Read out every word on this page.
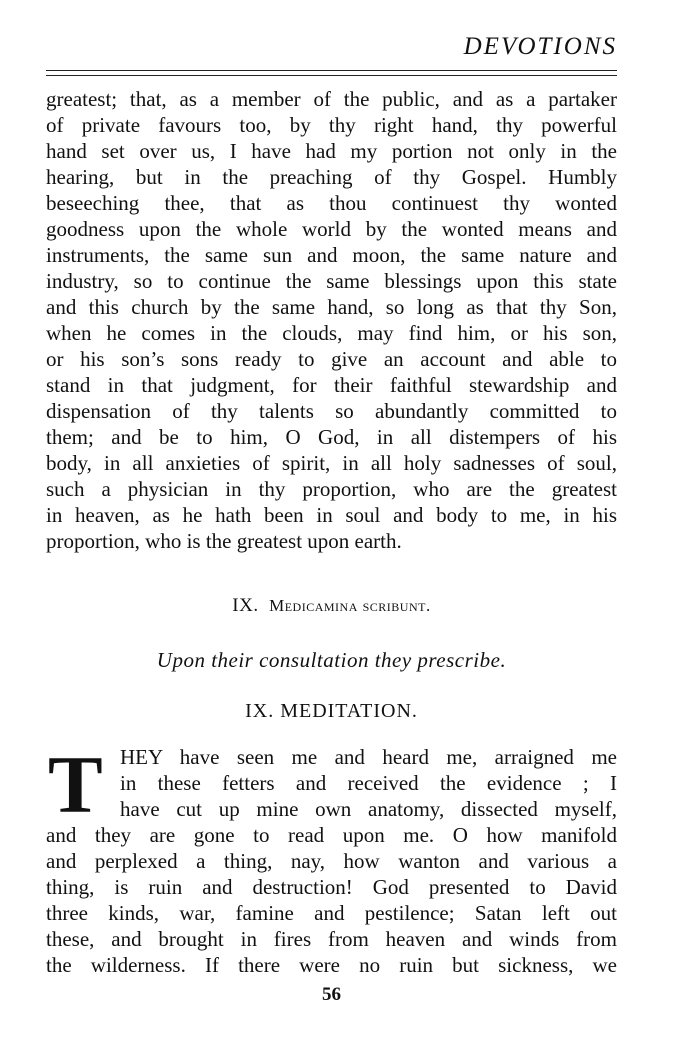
DEVOTIONS
greatest; that, as a member of the public, and as a partaker
of private favours too, by thy right hand, thy powerful
hand set over us, I have had my portion not only in the
hearing, but in the preaching of thy Gospel. Humbly
beseeching thee, that as thou continuest thy wonted
goodness upon the whole world by the wonted means and
instruments, the same sun and moon, the same nature and
industry, so to continue the same blessings upon this state
and this church by the same hand, so long as that thy Son,
when he comes in the clouds, may find him, or his son,
or his son’s sons ready to give an account and able to
stand in that judgment, for their faithful stewardship and
dispensation of thy talents so abundantly committed to
them; and be to him, O God, in all distempers of his
body, in all anxieties of spirit, in all holy sadnesses of soul,
such a physician in thy proportion, who are the greatest
in heaven, as he hath been in soul and body to me, in his
proportion, who is the greatest upon earth.
IX. Medicamina scribunt.
Upon their consultation they prescribe.
IX. MEDITATION.
T HEY have seen me and heard me, arraigned me
in these fetters and received the evidence ; I
have cut up mine own anatomy, dissected myself,
and they are gone to read upon me. O how manifold
and perplexed a thing, nay, how wanton and various a
thing, is ruin and destruction! God presented to David
three kinds, war, famine and pestilence; Satan left out
these, and brought in fires from heaven and winds from
the wilderness. If there were no ruin but sickness, we
56
